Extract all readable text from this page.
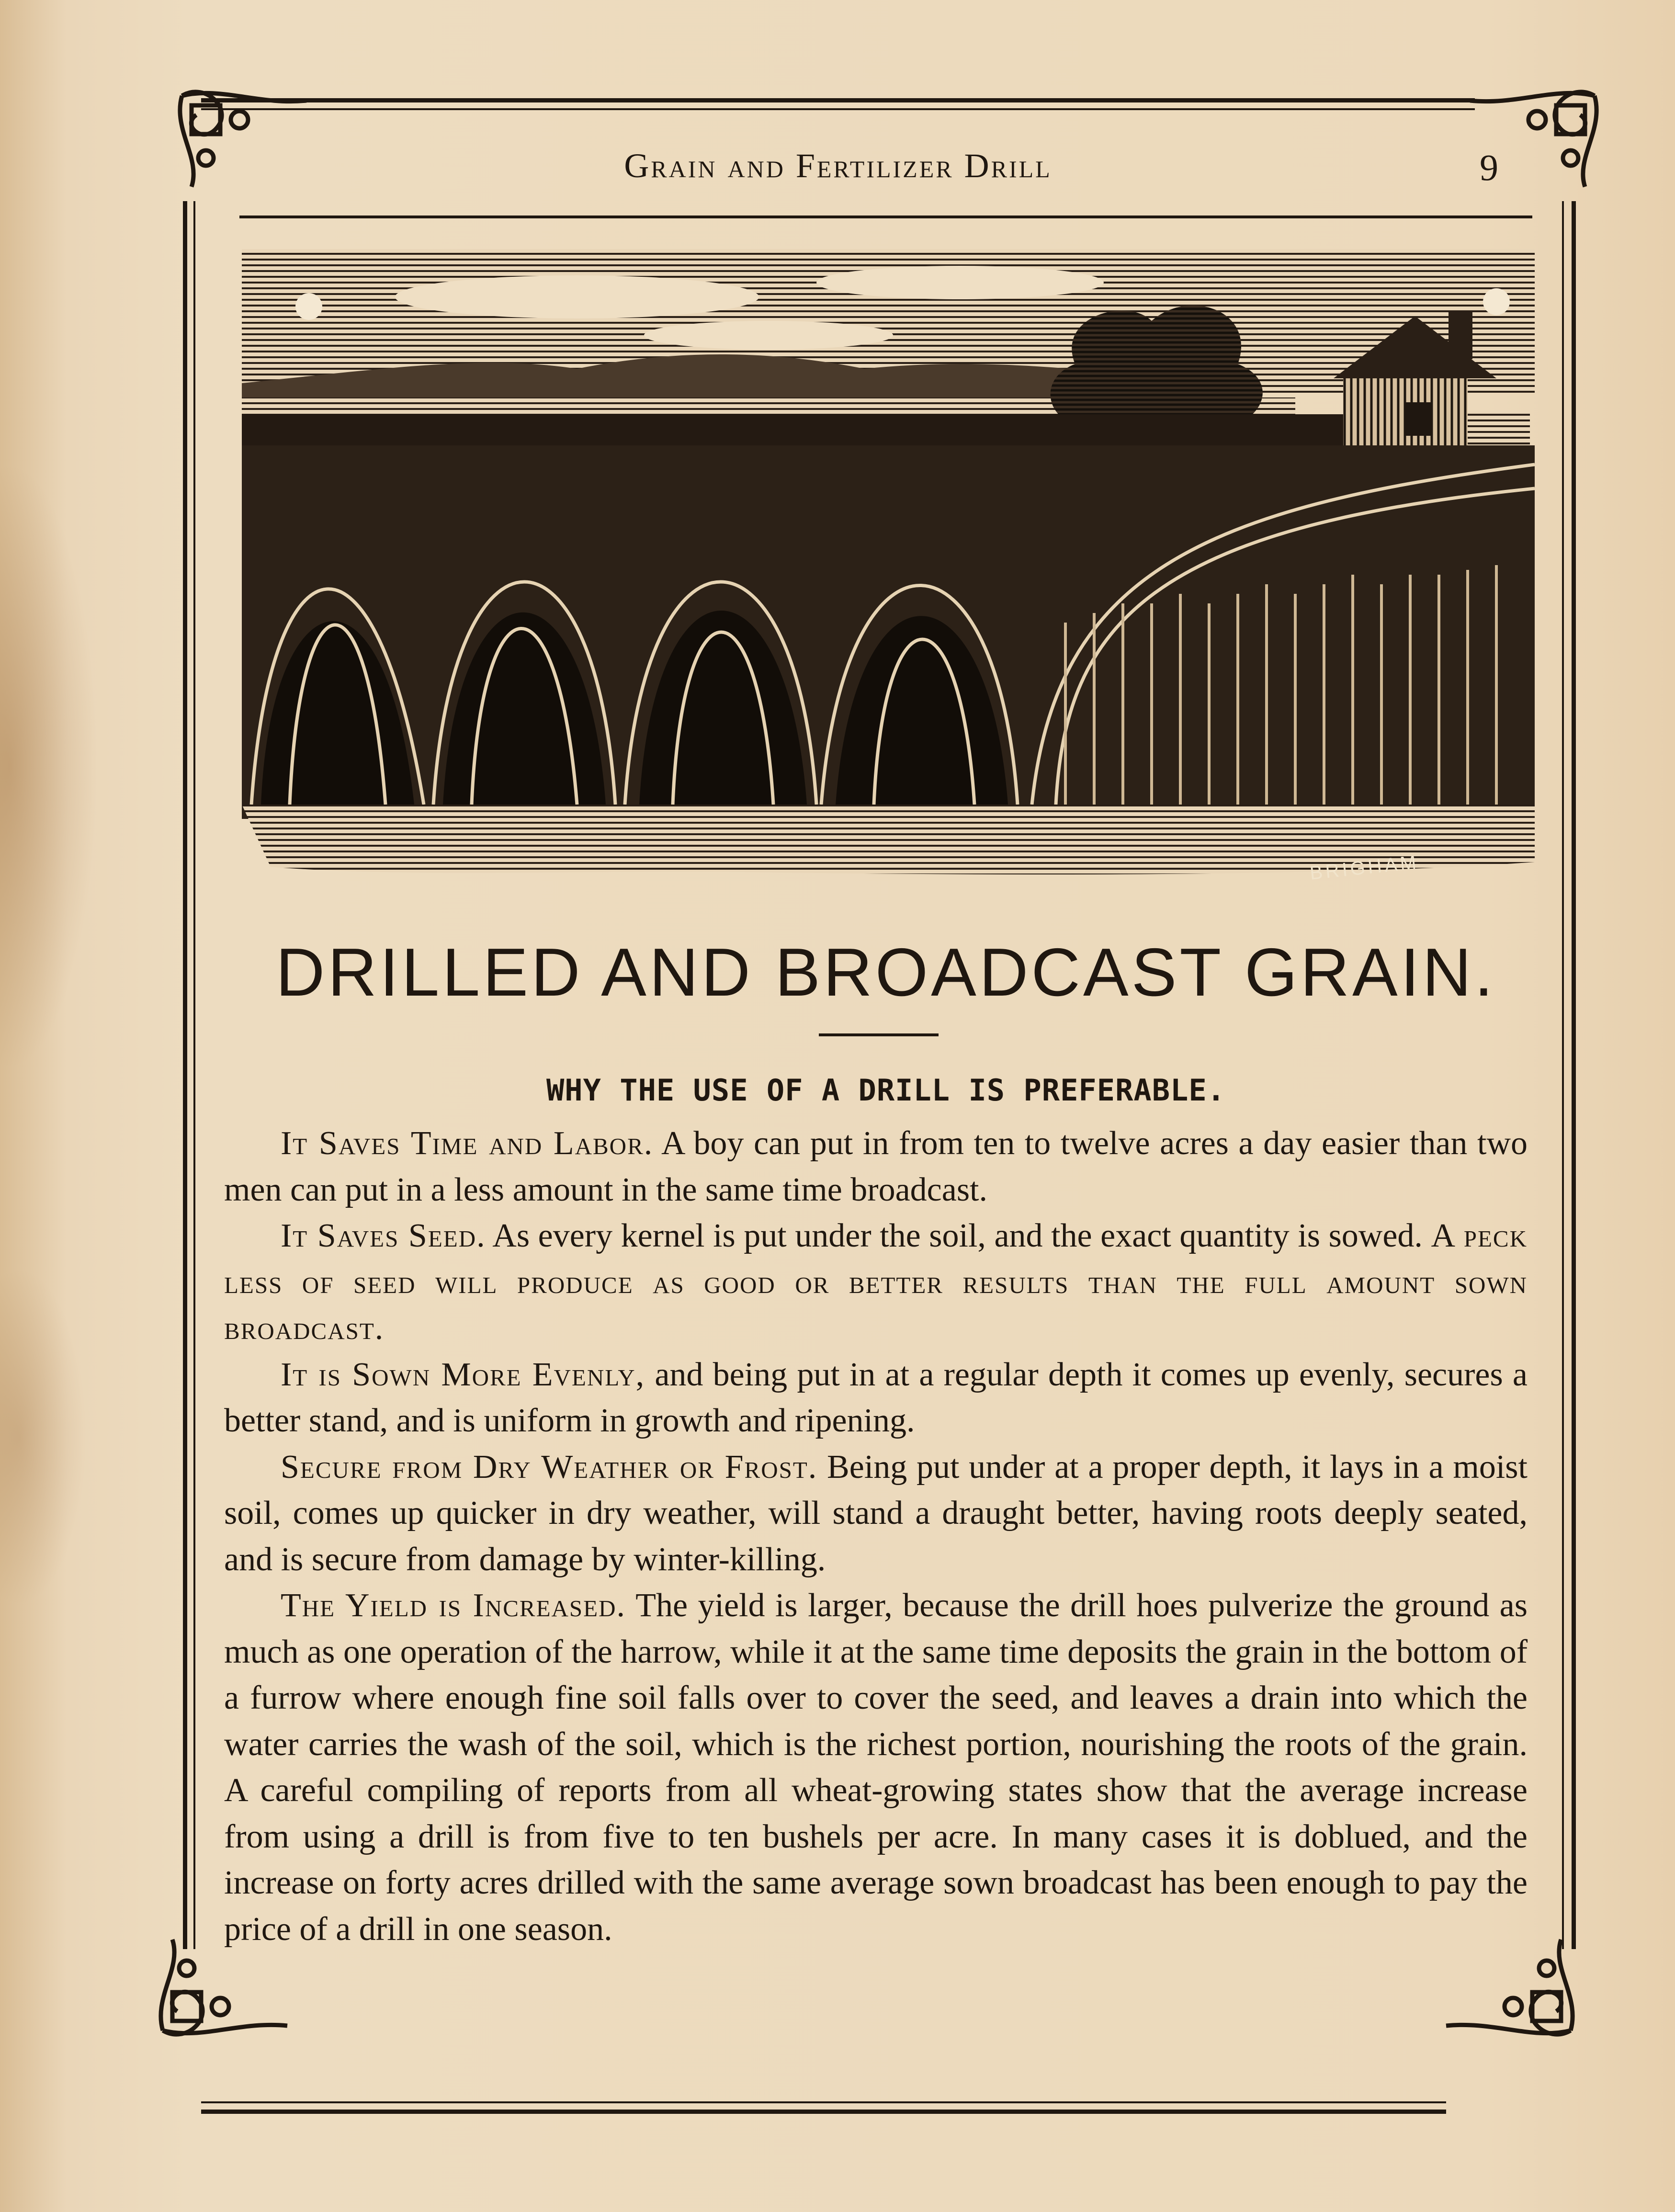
Grain and Fertilizer Drill	9
BRIGHAM
DRILLED AND BROADCAST GRAIN.
WHY THE USE OF A DRILL IS PREFERABLE.

It Saves Time and Labor. A boy can put in from ten to twelve acres a day easier than two men can put in a less amount in the same time broadcast.

It Saves Seed. As every kernel is put under the soil, and the exact quantity is sowed. A peck less of seed will produce as good or better results than the full amount sown broadcast.

It is Sown More Evenly, and being put in at a regular depth it comes up evenly, secures a better stand, and is uniform in growth and ripening.

Secure from Dry Weather or Frost. Being put under at a proper depth, it lays in a moist soil, comes up quicker in dry weather, will stand a draught better, having roots deeply seated, and is secure from damage by winter-killing.

The Yield is Increased. The yield is larger, because the drill hoes pulverize the ground as much as one operation of the harrow, while it at the same time deposits the grain in the bottom of a furrow where enough fine soil falls over to cover the seed, and leaves a drain into which the water carries the wash of the soil, which is the richest portion, nourishing the roots of the grain. A careful compiling of reports from all wheat-growing states show that the average increase from using a drill is from five to ten bushels per acre. In many cases it is doblued, and the increase on forty acres drilled with the same average sown broadcast has been enough to pay the price of a drill in one season.
